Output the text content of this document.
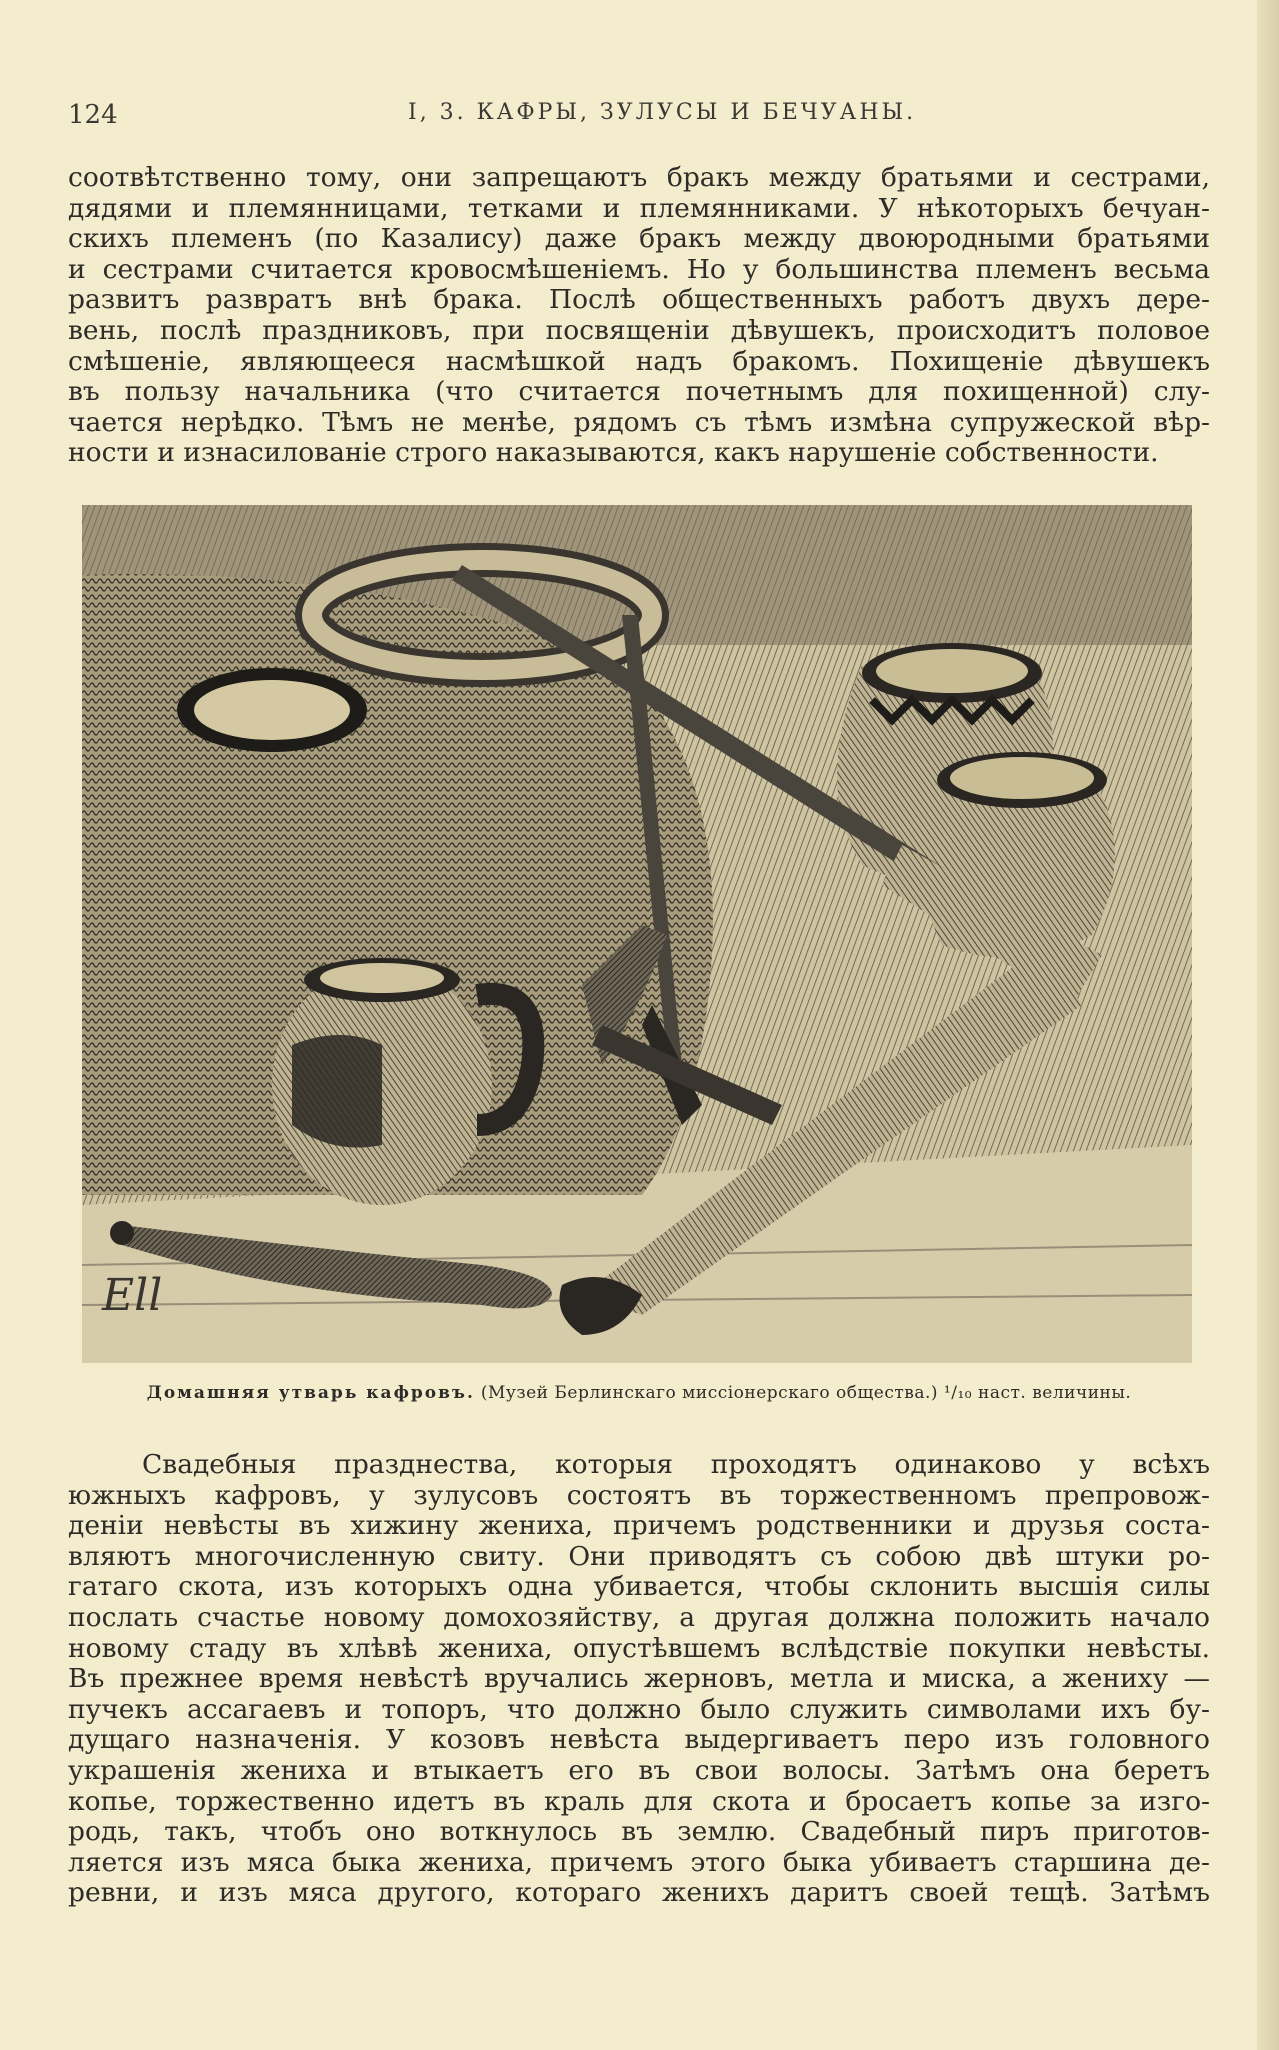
124	I, 3. КАФРЫ, ЗУЛУСЫ И БЕЧУАНЫ.
соотвѣтственно тому, они запрещаютъ бракъ между братьями и сестрами,
дядями и племянницами, тетками и племянниками. У нѣкоторыхъ бечуан-
скихъ племенъ (по Казалису) даже бракъ между двоюродными братьями
и сестрами считается кровосмѣшеніемъ. Но у большинства племенъ весьма
развитъ развратъ внѣ брака. Послѣ общественныхъ работъ двухъ дере-
вень, послѣ праздниковъ, при посвященіи дѣвушекъ, происходитъ половое
смѣшеніе, являющееся насмѣшкой надъ бракомъ. Похищеніе дѣвушекъ
въ пользу начальника (что считается почетнымъ для похищенной) слу-
чается нерѣдко. Тѣмъ не менѣе, рядомъ съ тѣмъ измѣна супружеской вѣр-
ности и изнасилованіе строго наказываются, какъ нарушеніе собственности.
Ell
Домашняя утварь кафровъ. (Музей Берлинскаго миссіонерскаго общества.) ¹/₁₀ наст. величины.
Свадебныя празднества, которыя проходятъ одинаково у всѣхъ
южныхъ кафровъ, у зулусовъ состоятъ въ торжественномъ препровож-
деніи невѣсты въ хижину жениха, причемъ родственники и друзья соста-
вляютъ многочисленную свиту. Они приводятъ съ собою двѣ штуки ро-
гатаго скота, изъ которыхъ одна убивается, чтобы склонить высшія силы
послать счастье новому домохозяйству, а другая должна положить начало
новому стаду въ хлѣвѣ жениха, опустѣвшемъ вслѣдствіе покупки невѣсты.
Въ прежнее время невѣстѣ вручались жерновъ, метла и миска, а жениху —
пучекъ ассагаевъ и топоръ, что должно было служить символами ихъ бу-
дущаго назначенія. У козовъ невѣста выдергиваетъ перо изъ головного
украшенія жениха и втыкаетъ его въ свои волосы. Затѣмъ она беретъ
копье, торжественно идетъ въ краль для скота и бросаетъ копье за изго-
родь, такъ, чтобъ оно воткнулось въ землю. Свадебный пиръ приготов-
ляется изъ мяса быка жениха, причемъ этого быка убиваетъ старшина де-
ревни, и изъ мяса другого, котораго женихъ даритъ своей тещѣ. Затѣмъ
